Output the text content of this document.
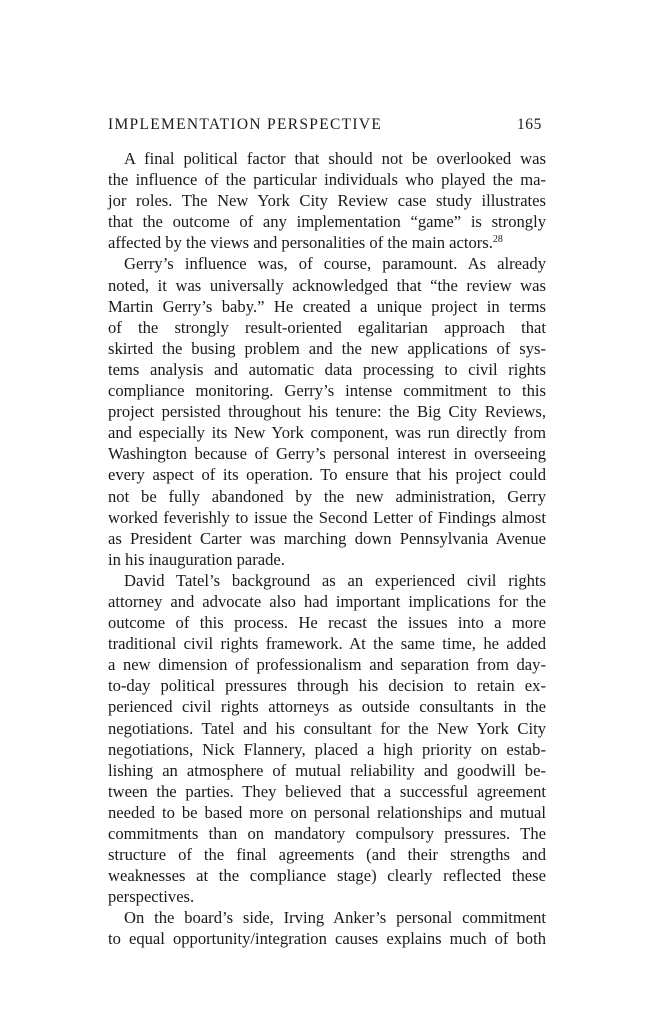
IMPLEMENTATION PERSPECTIVE	165
A final political factor that should not be overlooked was
the influence of the particular individuals who played the ma-
jor roles. The New York City Review case study illustrates
that the outcome of any implementation “game” is strongly
affected by the views and personalities of the main actors.$^{28}$
Gerry’s influence was, of course, paramount. As already
noted, it was universally acknowledged that “the review was
Martin Gerry’s baby.” He created a unique project in terms
of the strongly result-oriented egalitarian approach that
skirted the busing problem and the new applications of sys-
tems analysis and automatic data processing to civil rights
compliance monitoring. Gerry’s intense commitment to this
project persisted throughout his tenure: the Big City Reviews,
and especially its New York component, was run directly from
Washington because of Gerry’s personal interest in overseeing
every aspect of its operation. To ensure that his project could
not be fully abandoned by the new administration, Gerry
worked feverishly to issue the Second Letter of Findings almost
as President Carter was marching down Pennsylvania Avenue
in his inauguration parade.
David Tatel’s background as an experienced civil rights
attorney and advocate also had important implications for the
outcome of this process. He recast the issues into a more
traditional civil rights framework. At the same time, he added
a new dimension of professionalism and separation from day-
to-day political pressures through his decision to retain ex-
perienced civil rights attorneys as outside consultants in the
negotiations. Tatel and his consultant for the New York City
negotiations, Nick Flannery, placed a high priority on estab-
lishing an atmosphere of mutual reliability and goodwill be-
tween the parties. They believed that a successful agreement
needed to be based more on personal relationships and mutual
commitments than on mandatory compulsory pressures. The
structure of the final agreements (and their strengths and
weaknesses at the compliance stage) clearly reflected these
perspectives.
On the board’s side, Irving Anker’s personal commitment
to equal opportunity/integration causes explains much of both
